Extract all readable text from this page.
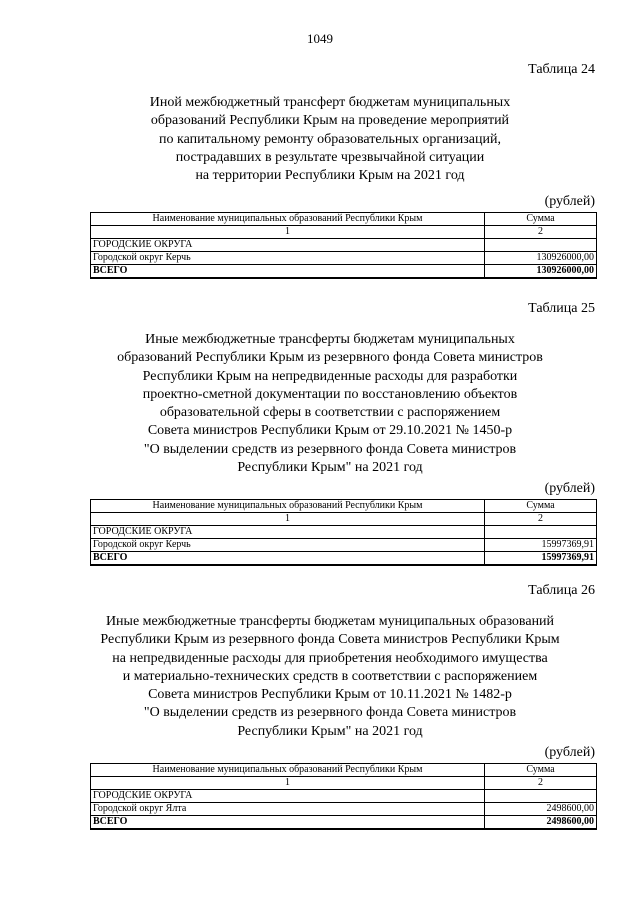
1049
Таблица 24
Иной межбюджетный трансферт бюджетам муниципальных
образований Республики Крым на проведение мероприятий
по капитальному ремонту образовательных организаций,
пострадавших в результате чрезвычайной ситуации
на территории Республики Крым на 2021 год
(рублей)
Наименование муниципальных образований Республики Крым	Сумма
1	2
ГОРОДСКИЕ ОКРУГА	
Городской округ Керчь	130926000,00
ВСЕГО	130926000,00
Таблица 25
Иные межбюджетные трансферты бюджетам муниципальных
образований Республики Крым из резервного фонда Совета министров
Республики Крым на непредвиденные расходы для разработки
проектно-сметной документации по восстановлению объектов
образовательной сферы в соответствии с распоряжением
Совета министров Республики Крым от 29.10.2021 № 1450-р
"О выделении средств из резервного фонда Совета министров
Республики Крым" на 2021 год
(рублей)
Наименование муниципальных образований Республики Крым	Сумма
1	2
ГОРОДСКИЕ ОКРУГА	
Городской округ Керчь	15997369,91
ВСЕГО	15997369,91
Таблица 26
Иные межбюджетные трансферты бюджетам муниципальных образований
Республики Крым из резервного фонда Совета министров Республики Крым
на непредвиденные расходы для приобретения необходимого имущества
и материально-технических средств в соответствии с распоряжением
Совета министров Республики Крым от 10.11.2021 № 1482-р
"О выделении средств из резервного фонда Совета министров
Республики Крым" на 2021 год
(рублей)
Наименование муниципальных образований Республики Крым	Сумма
1	2
ГОРОДСКИЕ ОКРУГА	
Городской округ Ялта	2498600,00
ВСЕГО	2498600,00
